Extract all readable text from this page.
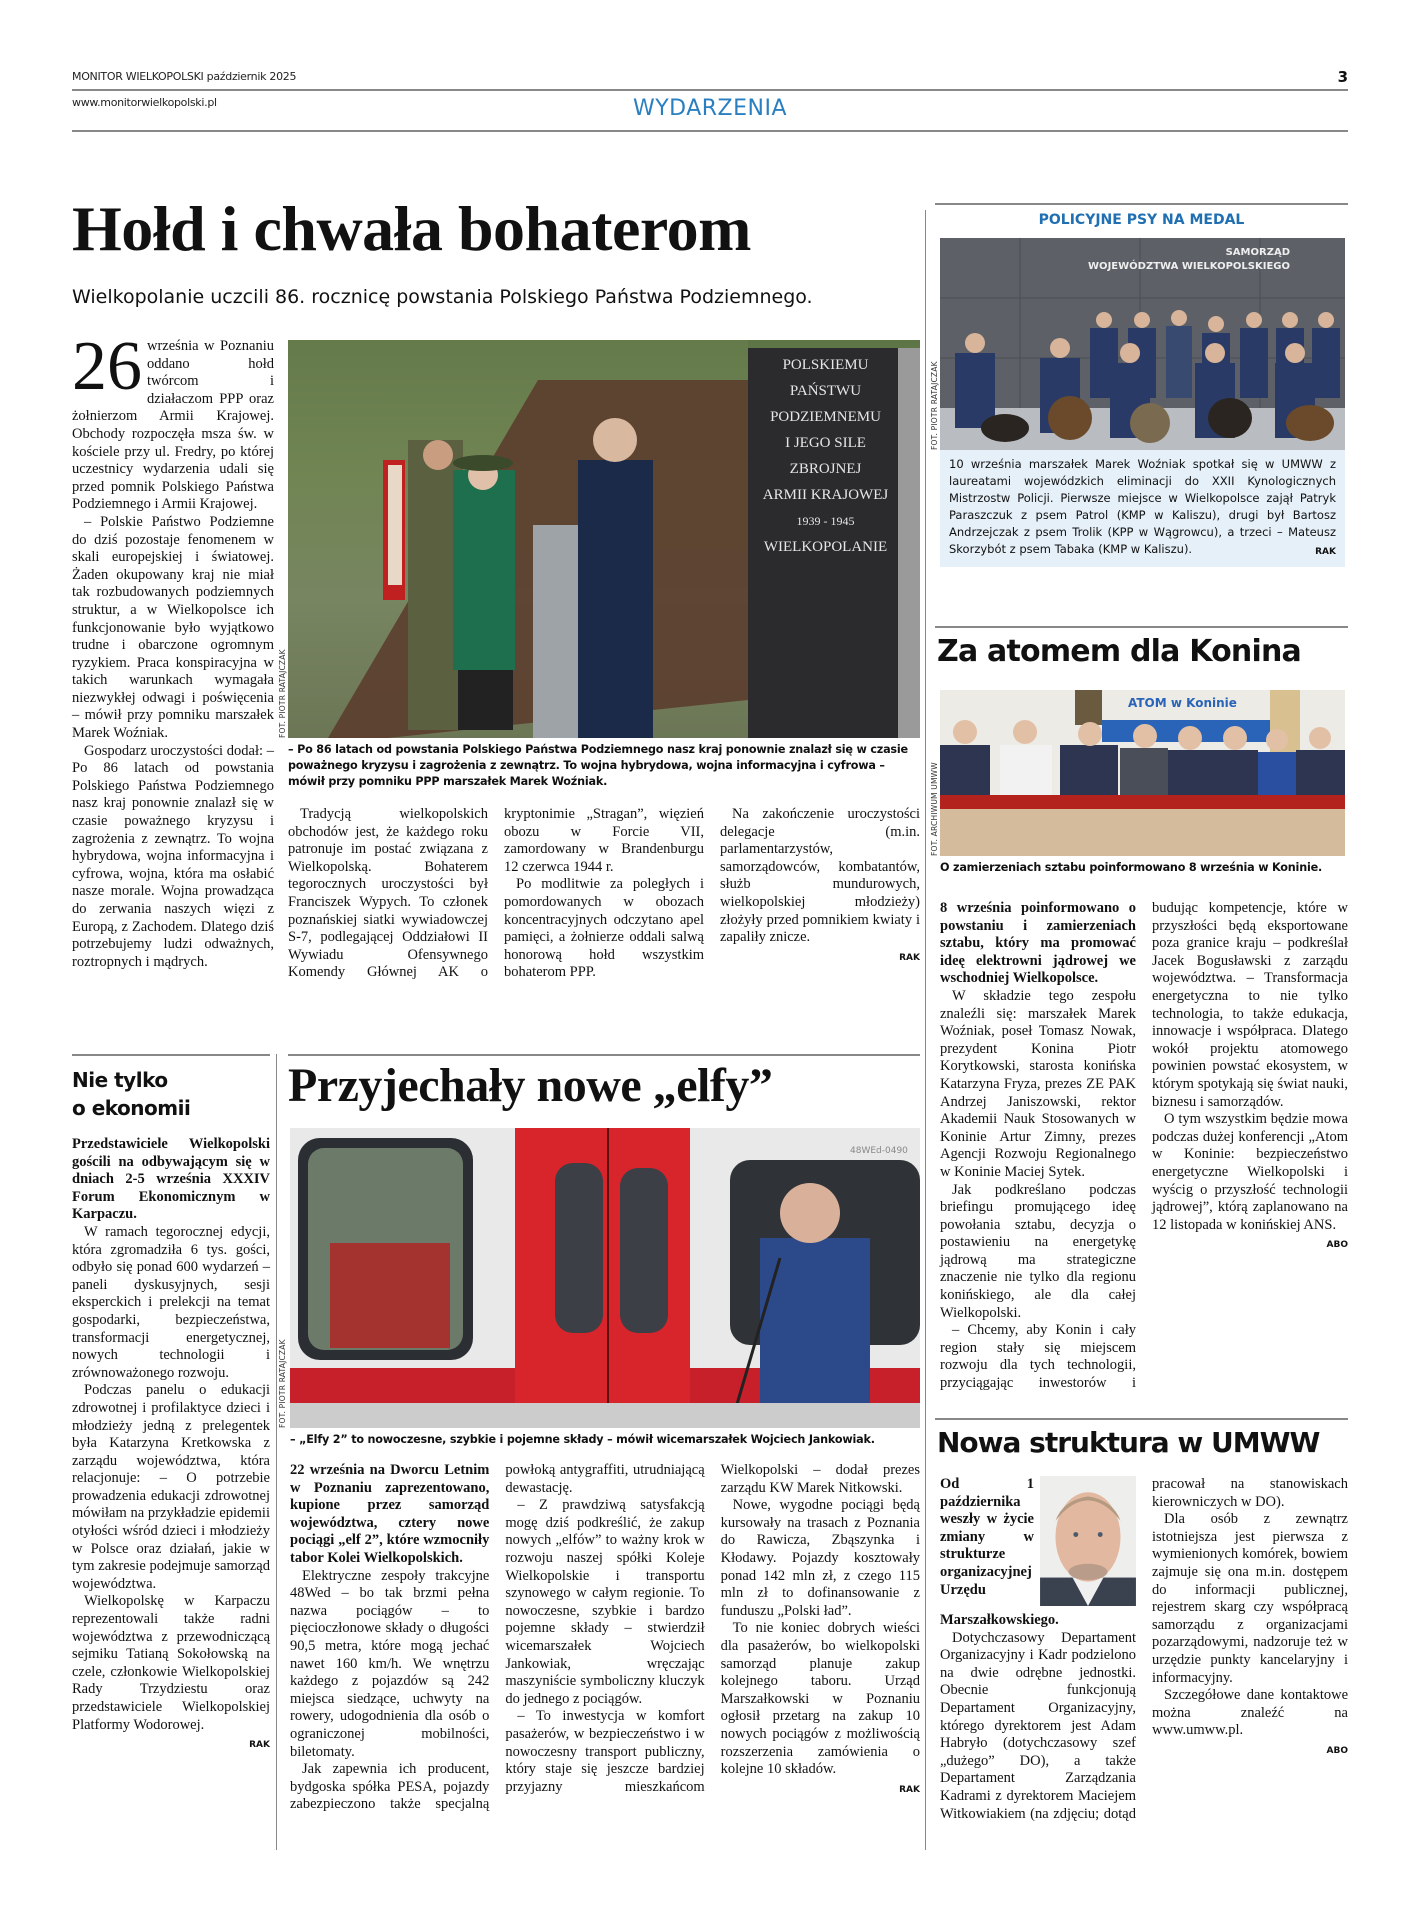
MONITOR WIELKOPOLSKI październik 2025	3
www.monitorwielkopolski.pl	WYDARZENIA
Hołd i chwała bohaterom
Wielkopolanie uczcili 86. rocznicę powstania Polskiego Państwa Podziemnego.

26 września w Poznaniu oddano hołd twórcom i działaczom PPP oraz żołnierzom Armii Krajowej. Obchody rozpoczęła msza św. w kościele przy ul. Fredry, po której uczestnicy wydarzenia udali się przed pomnik Polskiego Państwa Podziemnego i Armii Krajowej.

– Polskie Państwo Podziemne do dziś pozostaje fenomenem w skali europejskiej i światowej. Żaden okupowany kraj nie miał tak rozbudowanych podziemnych struktur, a w Wielkopolsce ich funkcjonowanie było wyjątkowo trudne i obarczone ogromnym ryzykiem. Praca konspiracyjna w takich warunkach wymagała niezwykłej odwagi i poświęcenia – mówił przy pomniku marszałek Marek Woźniak.

Gospodarz uroczystości dodał: – Po 86 latach od powstania Polskiego Państwa Podziemnego nasz kraj ponownie znalazł się w czasie poważnego kryzysu i zagrożenia z zewnątrz. To wojna hybrydowa, wojna informacyjna i cyfrowa, wojna, która ma osłabić nasze morale. Wojna prowadząca do zerwania naszych więzi z Europą, z Zachodem. Dlatego dziś potrzebujemy ludzi odważnych, roztropnych i mądrych.

POLSKIEMU
PAŃSTWU
PODZIEMNEMU
I JEGO SILE
ZBROJNEJ
ARMII KRAJOWEJ
1939 - 1945
WIELKOPOLANIE
FOT. PIOTR RATAJCZAK
– Po 86 latach od powstania Polskiego Państwa Podziemnego nasz kraj ponownie znalazł się w czasie poważnego kryzysu i zagrożenia z zewnątrz. To wojna hybrydowa, wojna informacyjna i cyfrowa – mówił przy pomniku PPP marszałek Marek Woźniak.

Tradycją wielkopolskich obchodów jest, że każdego roku patronuje im postać związana z Wielkopolską. Bohaterem tegorocznych uroczystości był Franciszek Wypych. To członek poznańskiej siatki wywiadowczej S-7, podlegającej Oddziałowi II Wywiadu Ofensywnego Komendy Głównej AK o kryptonimie „Stragan”, więzień obozu w Forcie VII, zamordowany w Brandenburgu 12 czerwca 1944 r.

Po modlitwie za poległych i pomordowanych w obozach koncentracyjnych odczytano apel pamięci, a żołnierze oddali salwą honorową hołd wszystkim bohaterom PPP.

Na zakończenie uroczystości delegacje (m.in. parlamentarzystów, samorządowców, kombatantów, służb mundurowych, wielkopolskiej młodzieży) złożyły przed pomnikiem kwiaty i zapaliły znicze.

RAK
POLICYJNE PSY NA MEDAL
SAMORZĄD
WOJEWÓDZTWA WIELKOPOLSKIEGO
FOT. PIOTR RATAJCZAK
10 września marszałek Marek Woźniak spotkał się w UMWW z laureatami wojewódzkich eliminacji do XXII Kynologicznych Mistrzostw Policji. Pierwsze miejsce w Wielkopolsce zajął Patryk Paraszczuk z psem Patrol (KMP w Kaliszu), drugi był Bartosz Andrzejczak z psem Trolik (KPP w Wągrowcu), a trzeci – Mateusz Skorzybót z psem Tabaka (KMP w Kaliszu).	RAK
Za atomem dla Konina
ATOM w Koninie
FOT. ARCHIWUM UMWW
O zamierzeniach sztabu poinformowano 8 września w Koninie.

8 września poinformowano o powstaniu i zamierzeniach sztabu, który ma promować ideę elektrowni jądrowej we wschodniej Wielkopolsce.

W składzie tego zespołu znaleźli się: marszałek Marek Woźniak, poseł Tomasz Nowak, prezydent Konina Piotr Korytkowski, starosta konińska Katarzyna Fryza, prezes ZE PAK Andrzej Janiszowski, rektor Akademii Nauk Stosowanych w Koninie Artur Zimny, prezes Agencji Rozwoju Regionalnego w Koninie Maciej Sytek.

Jak podkreślano podczas briefingu promującego ideę powołania sztabu, decyzja o postawieniu na energetykę jądrową ma strategiczne znaczenie nie tylko dla regionu konińskiego, ale dla całej Wielkopolski.

– Chcemy, aby Konin i cały region stały się miejscem rozwoju dla tych technologii, przyciągając inwestorów i budując kompetencje, które w przyszłości będą eksportowane poza granice kraju – podkreślał Jacek Bogusławski z zarządu województwa. – Transformacja energetyczna to nie tylko technologia, to także edukacja, innowacje i współpraca. Dlatego wokół projektu atomowego powinien powstać ekosystem, w którym spotykają się świat nauki, biznesu i samorządów.

O tym wszystkim będzie mowa podczas dużej konferencji „Atom w Koninie: bezpieczeństwo energetyczne Wielkopolski i wyścig o przyszłość technologii jądrowej”, którą zaplanowano na 12 listopada w konińskiej ANS.

ABO
Nie tylko
o ekonomii

Przedstawiciele Wielkopolski gościli na odbywającym się w dniach 2-5 września XXXIV Forum Ekonomicznym w Karpaczu.

W ramach tegorocznej edycji, która zgromadziła 6 tys. gości, odbyło się ponad 600 wydarzeń – paneli dyskusyjnych, sesji eksperckich i prelekcji na temat gospodarki, bezpieczeństwa, transformacji energetycznej, nowych technologii i zrównoważonego rozwoju.

Podczas panelu o edukacji zdrowotnej i profilaktyce dzieci i młodzieży jedną z prelegentek była Katarzyna Kretkowska z zarządu województwa, która relacjonuje: – O potrzebie prowadzenia edukacji zdrowotnej mówiłam na przykładzie epidemii otyłości wśród dzieci i młodzieży w Polsce oraz działań, jakie w tym zakresie podejmuje samorząd województwa.

Wielkopolskę w Karpaczu reprezentowali także radni województwa z przewodniczącą sejmiku Tatianą Sokołowską na czele, członkowie Wielkopolskiej Rady Trzydziestu oraz przedstawiciele Wielkopolskiej Platformy Wodorowej.

RAK
Przyjechały nowe „elfy”
48WEd-0490
FOT. PIOTR RATAJCZAK
– „Elfy 2” to nowoczesne, szybkie i pojemne składy – mówił wicemarszałek Wojciech Jankowiak.

22 września na Dworcu Letnim w Poznaniu zaprezentowano, kupione przez samorząd województwa, cztery nowe pociągi „elf 2”, które wzmocniły tabor Kolei Wielkopolskich.

Elektryczne zespoły trakcyjne 48Wed – bo tak brzmi pełna nazwa pociągów – to pięcioczłonowe składy o długości 90,5 metra, które mogą jechać nawet 160 km/h. We wnętrzu każdego z pojazdów są 242 miejsca siedzące, uchwyty na rowery, udogodnienia dla osób o ograniczonej mobilności, biletomaty.

Jak zapewnia ich producent, bydgoska spółka PESA, pojazdy zabezpieczono także specjalną powłoką antygraffiti, utrudniającą dewastację.

– Z prawdziwą satysfakcją mogę dziś podkreślić, że zakup nowych „elfów” to ważny krok w rozwoju naszej spółki Koleje Wielkopolskie i transportu szynowego w całym regionie. To nowoczesne, szybkie i bardzo pojemne składy – stwierdził wicemarszałek Wojciech Jankowiak, wręczając maszyniście symboliczny kluczyk do jednego z pociągów.

– To inwestycja w komfort pasażerów, w bezpieczeństwo i w nowoczesny transport publiczny, który staje się jeszcze bardziej przyjazny mieszkańcom Wielkopolski – dodał prezes zarządu KW Marek Nitkowski.

Nowe, wygodne pociągi będą kursowały na trasach z Poznania do Rawicza, Zbąszynka i Kłodawy. Pojazdy kosztowały ponad 142 mln zł, z czego 115 mln zł to dofinansowanie z funduszu „Polski ład”.

To nie koniec dobrych wieści dla pasażerów, bo wielkopolski samorząd planuje zakup kolejnego taboru. Urząd Marszałkowski w Poznaniu ogłosił przetarg na zakup 10 nowych pociągów z możliwością rozszerzenia zamówienia o kolejne 10 składów.

RAK
Nowa struktura w UMWW

Od 1 października weszły w życie zmiany w strukturze organizacyjnej Urzędu Marszałkowskiego.

Dotychczasowy Departament Organizacyjny i Kadr podzielono na dwie odrębne jednostki. Obecnie funkcjonują Departament Organizacyjny, którego dyrektorem jest Adam Habryło (dotychczasowy szef „dużego” DO), a także Departament Zarządzania Kadrami z dyrektorem Maciejem Witkowiakiem (na zdjęciu; dotąd pracował na stanowiskach kierowniczych w DO).

Dla osób z zewnątrz istotniejsza jest pierwsza z wymienionych komórek, bowiem zajmuje się ona m.in. dostępem do informacji publicznej, rejestrem skarg czy współpracą samorządu z organizacjami pozarządowymi, nadzoruje też w urzędzie punkty kancelaryjny i informacyjny.

Szczegółowe dane kontaktowe można znaleźć na www.umww.pl.

ABO
